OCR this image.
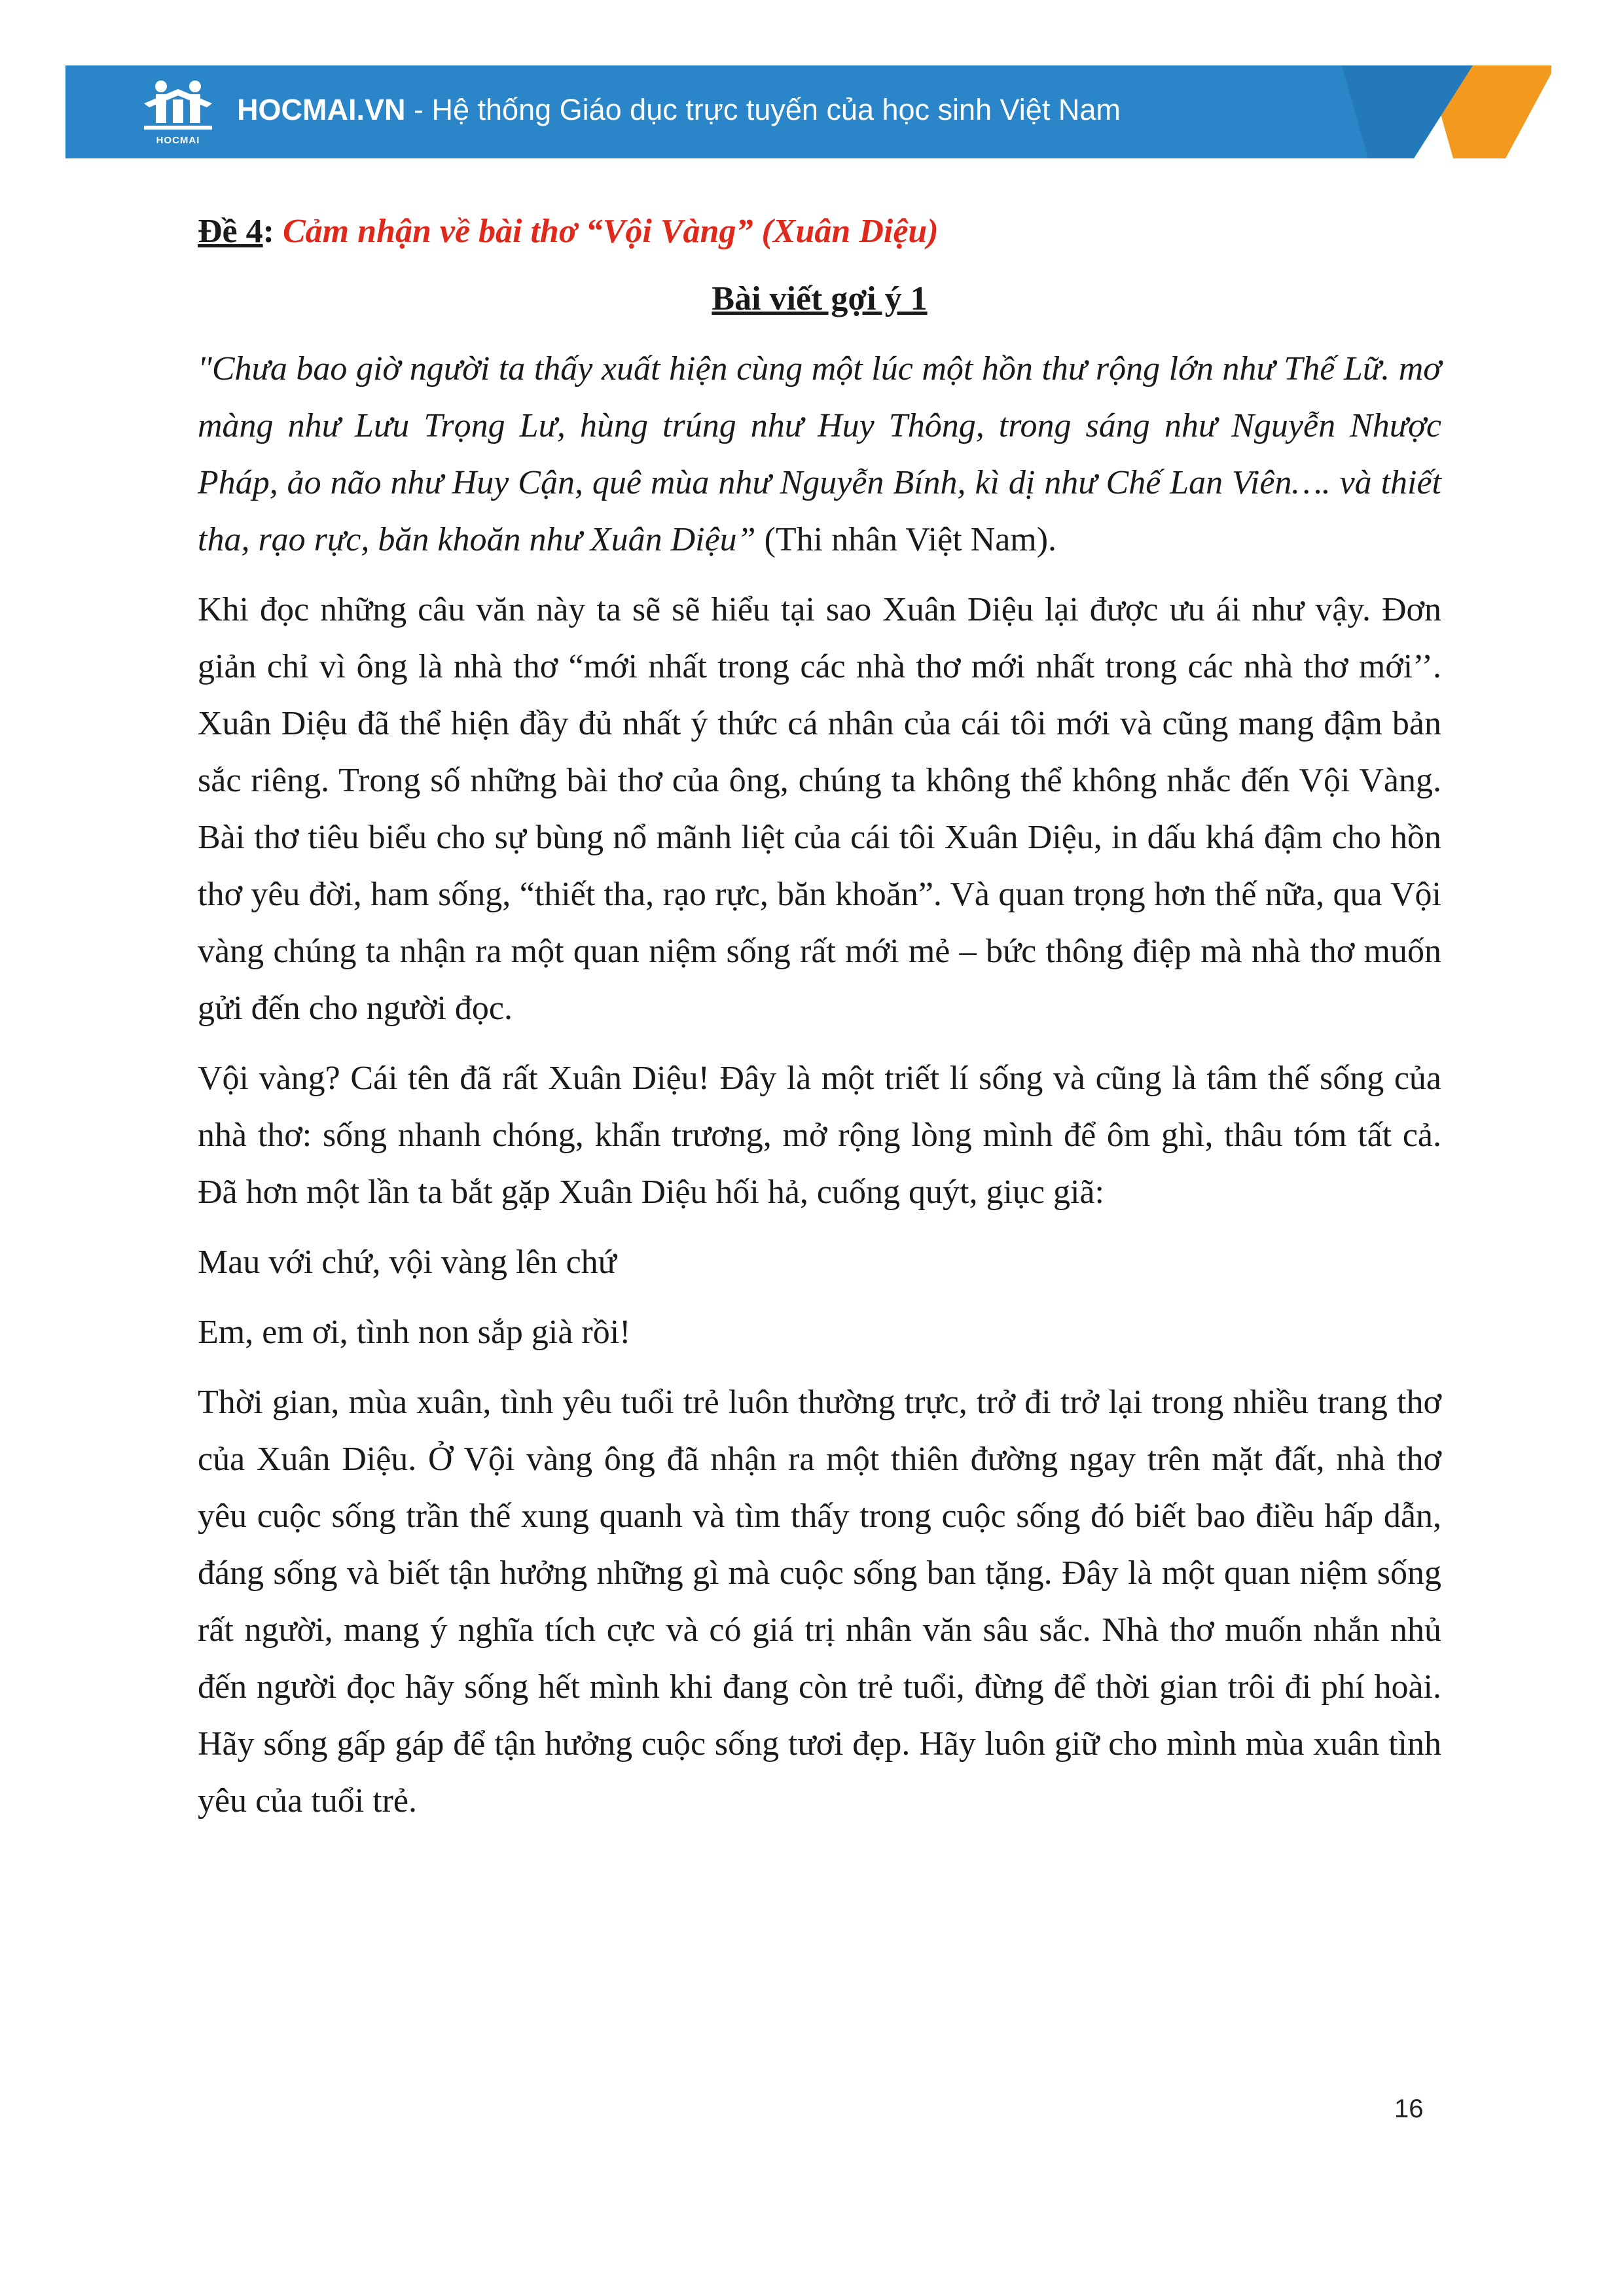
HOCMAI
HOCMAI.VN - Hệ thống Giáo dục trực tuyến của học sinh Việt Nam
Đề 4: Cảm nhận về bài thơ “Vội Vàng” (Xuân Diệu)
Bài viết gợi ý 1

"Chưa bao giờ người ta thấy xuất hiện cùng một lúc một hồn thư rộng lớn như Thế Lữ. mơ màng như Lưu Trọng Lư, hùng trúng như Huy Thông, trong sáng như Nguyễn Nhược Pháp, ảo não như Huy Cận, quê mùa như Nguyễn Bính, kì dị như Chế Lan Viên…. và thiết tha, rạo rực, băn khoăn như Xuân Diệu” (Thi nhân Việt Nam).

Khi đọc những câu văn này ta sẽ sẽ hiểu tại sao Xuân Diệu lại được ưu ái như vậy. Đơn giản chỉ vì ông là nhà thơ “mới nhất trong các nhà thơ mới nhất trong các nhà thơ mới’’. Xuân Diệu đã thể hiện đầy đủ nhất ý thức cá nhân của cái tôi mới và cũng mang đậm bản sắc riêng. Trong số những bài thơ của ông, chúng ta không thể không nhắc đến Vội Vàng. Bài thơ tiêu biểu cho sự bùng nổ mãnh liệt của cái tôi Xuân Diệu, in dấu khá đậm cho hồn thơ yêu đời, ham sống, “thiết tha, rạo rực, băn khoăn”. Và quan trọng hơn thế nữa, qua Vội vàng chúng ta nhận ra một quan niệm sống rất mới mẻ – bức thông điệp mà nhà thơ muốn gửi đến cho người đọc.

Vội vàng? Cái tên đã rất Xuân Diệu! Đây là một triết lí sống và cũng là tâm thế sống của nhà thơ: sống nhanh chóng, khẩn trương, mở rộng lòng mình để ôm ghì, thâu tóm tất cả. Đã hơn một lần ta bắt gặp Xuân Diệu hối hả, cuống quýt, giục giã:

Mau với chứ, vội vàng lên chứ
Em, em ơi, tình non sắp già rồi!

Thời gian, mùa xuân, tình yêu tuổi trẻ luôn thường trực, trở đi trở lại trong nhiều trang thơ của Xuân Diệu. Ở Vội vàng ông đã nhận ra một thiên đường ngay trên mặt đất, nhà thơ yêu cuộc sống trần thế xung quanh và tìm thấy trong cuộc sống đó biết bao điều hấp dẫn, đáng sống và biết tận hưởng những gì mà cuộc sống ban tặng. Đây là một quan niệm sống rất người, mang ý nghĩa tích cực và có giá trị nhân văn sâu sắc. Nhà thơ muốn nhắn nhủ đến người đọc hãy sống hết mình khi đang còn trẻ tuổi, đừng để thời gian trôi đi phí hoài. Hãy sống gấp gáp để tận hưởng cuộc sống tươi đẹp. Hãy luôn giữ cho mình mùa xuân tình yêu của tuổi trẻ.

16
